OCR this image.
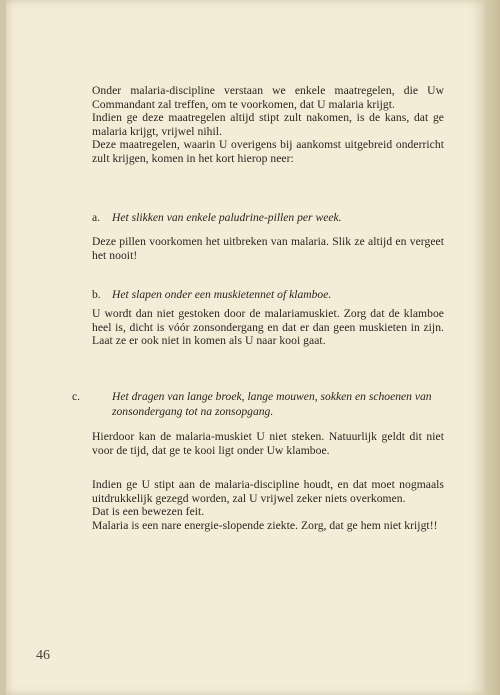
Onder malaria-discipline verstaan we enkele maatregelen, die Uw Commandant zal treffen, om te voorkomen, dat U malaria krijgt.

Indien ge deze maatregelen altijd stipt zult nakomen, is de kans, dat ge malaria krijgt, vrijwel nihil.

Deze maatregelen, waarin U overigens bij aankomst uitgebreid onderricht zult krijgen, komen in het kort hierop neer:

a. Het slikken van enkele paludrine-pillen per week.

Deze pillen voorkomen het uitbreken van malaria. Slik ze altijd en vergeet het nooit!

b. Het slapen onder een muskietennet of klamboe.

U wordt dan niet gestoken door de malariamuskiet. Zorg dat de klamboe heel is, dicht is vóór zonsondergang en dat er dan geen muskieten in zijn. Laat ze er ook niet in komen als U naar kooi gaat.

c.	Het dragen van lange broek, lange mouwen, sokken en schoenen van zonsondergang tot na zonsopgang.

Hierdoor kan de malaria-muskiet U niet steken. Natuurlijk geldt dit niet voor de tijd, dat ge te kooi ligt onder Uw klamboe.

Indien ge U stipt aan de malaria-discipline houdt, en dat moet nogmaals uitdrukkelijk gezegd worden, zal U vrijwel zeker niets overkomen.

Dat is een bewezen feit.

Malaria is een nare energie-slopende ziekte. Zorg, dat ge hem niet krijgt!!

46
